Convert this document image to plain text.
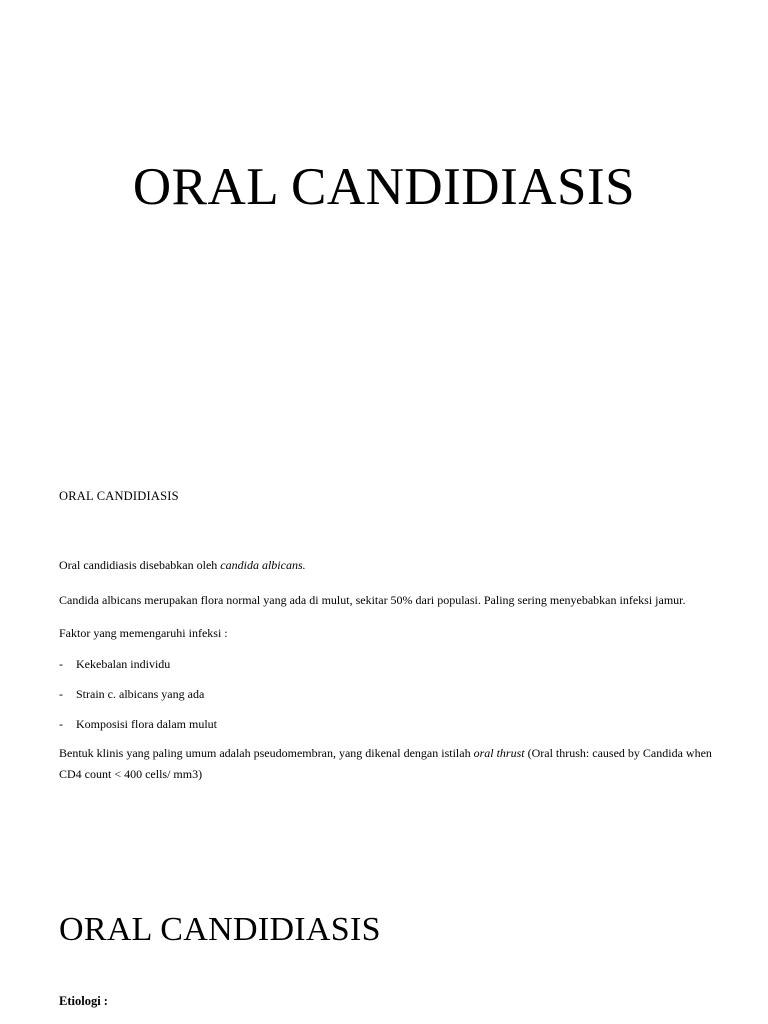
ORAL CANDIDIASIS

ORAL CANDIDIASIS

Oral candidiasis disebabkan oleh candida albicans.

Candida albicans merupakan flora normal yang ada di mulut, sekitar 50% dari populasi. Paling sering menyebabkan infeksi jamur.

Faktor yang memengaruhi infeksi :

-	Kekebalan individu
-	Strain c. albicans yang ada
-	Komposisi flora dalam mulut

Bentuk klinis yang paling umum adalah pseudomembran, yang dikenal dengan istilah oral thrust (Oral thrush: caused by Candida when CD4 count < 400 cells/ mm3)

ORAL CANDIDIASIS

Etiologi :
